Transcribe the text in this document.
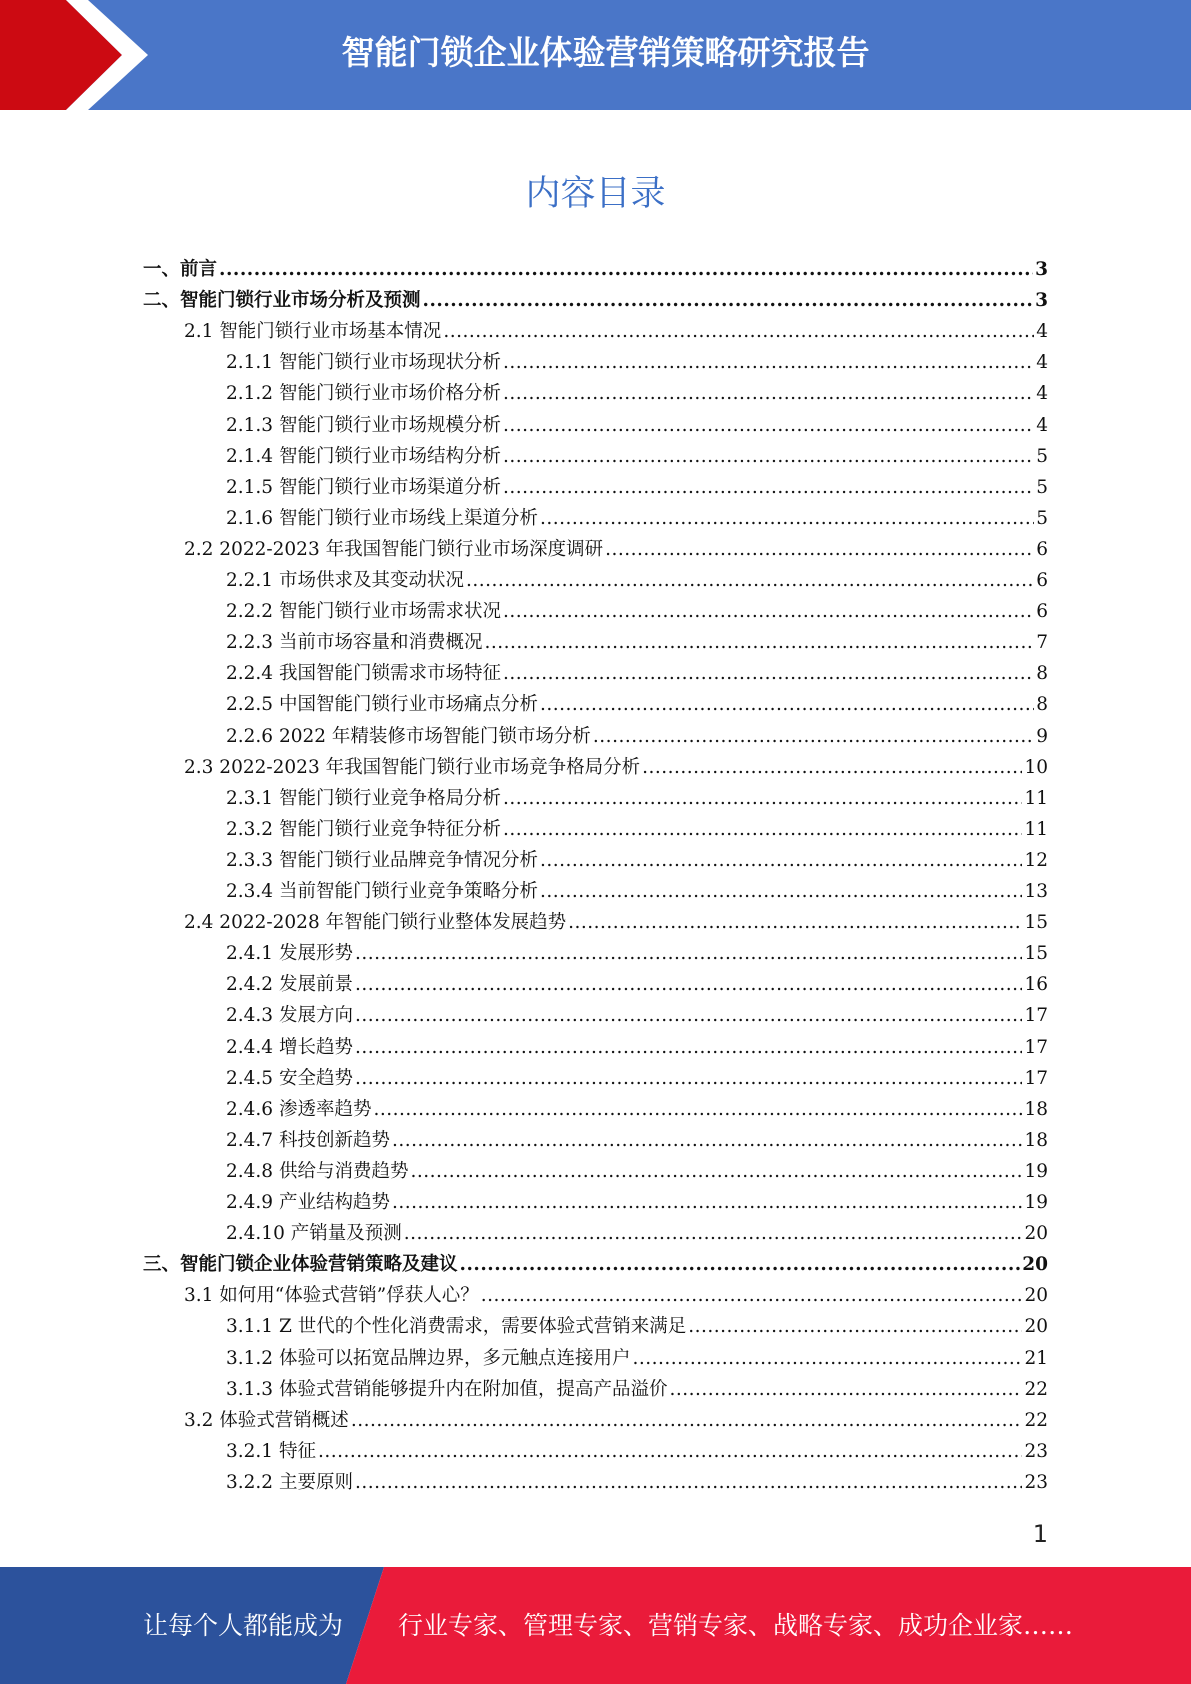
智能门锁企业体验营销策略研究报告
内容目录
一、前言 .....	3
二、智能门锁行业市场分析及预测 .....	3
2.1 智能门锁行业市场基本情况 .....	4
2.1.1 智能门锁行业市场现状分析 .....	4
2.1.2 智能门锁行业市场价格分析 .....	4
2.1.3 智能门锁行业市场规模分析 .....	4
2.1.4 智能门锁行业市场结构分析 .....	5
2.1.5 智能门锁行业市场渠道分析 .....	5
2.1.6 智能门锁行业市场线上渠道分析 .....	5
2.2 2022-2023 年我国智能门锁行业市场深度调研 .....	6
2.2.1 市场供求及其变动状况 .....	6
2.2.2 智能门锁行业市场需求状况 .....	6
2.2.3 当前市场容量和消费概况 .....	7
2.2.4 我国智能门锁需求市场特征 .....	8
2.2.5 中国智能门锁行业市场痛点分析 .....	8
2.2.6 2022 年精装修市场智能门锁市场分析 .....	9
2.3 2022-2023 年我国智能门锁行业市场竞争格局分析 .....	10
2.3.1 智能门锁行业竞争格局分析 .....	11
2.3.2 智能门锁行业竞争特征分析 .....	11
2.3.3 智能门锁行业品牌竞争情况分析 .....	12
2.3.4 当前智能门锁行业竞争策略分析 .....	13
2.4 2022-2028 年智能门锁行业整体发展趋势 .....	15
2.4.1 发展形势 .....	15
2.4.2 发展前景 .....	16
2.4.3 发展方向 .....	17
2.4.4 增长趋势 .....	17
2.4.5 安全趋势 .....	17
2.4.6 渗透率趋势 .....	18
2.4.7 科技创新趋势 .....	18
2.4.8 供给与消费趋势 .....	19
2.4.9 产业结构趋势 .....	19
2.4.10 产销量及预测 .....	20
三、智能门锁企业体验营销策略及建议 .....	20
3.1 如何用“体验式营销”俘获人心？ .....	20
3.1.1 Z 世代的个性化消费需求，需要体验式营销来满足 .....	20
3.1.2 体验可以拓宽品牌边界，多元触点连接用户 .....	21
3.1.3 体验式营销能够提升内在附加值，提高产品溢价 .....	22
3.2 体验式营销概述 .....	22
3.2.1 特征 .....	23
3.2.2 主要原则 .....	23
1
让每个人都能成为 行业专家、管理专家、营销专家、战略专家、成功企业家……
